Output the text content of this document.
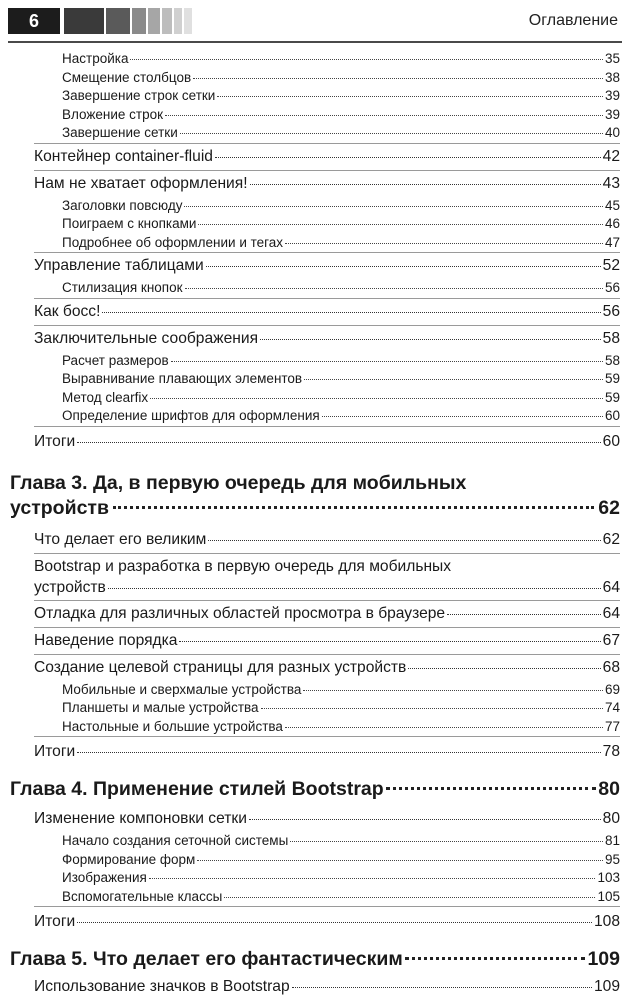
6	Оглавление
Настройка	35
Смещение столбцов	38
Завершение строк сетки	39
Вложение строк	39
Завершение сетки	40
Контейнер container-fluid	42
Нам не хватает оформления!	43
Заголовки повсюду	45
Поиграем с кнопками	46
Подробнее об оформлении и тегах	47
Управление таблицами	52
Стилизация кнопок	56
Как босс!	56
Заключительные соображения	58
Расчет размеров	58
Выравнивание плавающих элементов	59
Метод clearfix	59
Определение шрифтов для оформления	60
Итоги	60
Глава 3. Да, в первую очередь для мобильных
устройств	62
Что делает его великим	62
Bootstrap и разработка в первую очередь для мобильных
устройств	64
Отладка для различных областей просмотра в браузере	64
Наведение порядка	67
Создание целевой страницы для разных устройств	68
Мобильные и сверхмалые устройства	69
Планшеты и малые устройства	74
Настольные и большие устройства	77
Итоги	78
Глава 4. Применение стилей Bootstrap	80
Изменение компоновки сетки	80
Начало создания сеточной системы	81
Формирование форм	95
Изображения	103
Вспомогательные классы	105
Итоги	108
Глава 5. Что делает его фантастическим	109
Использование значков в Bootstrap	109
